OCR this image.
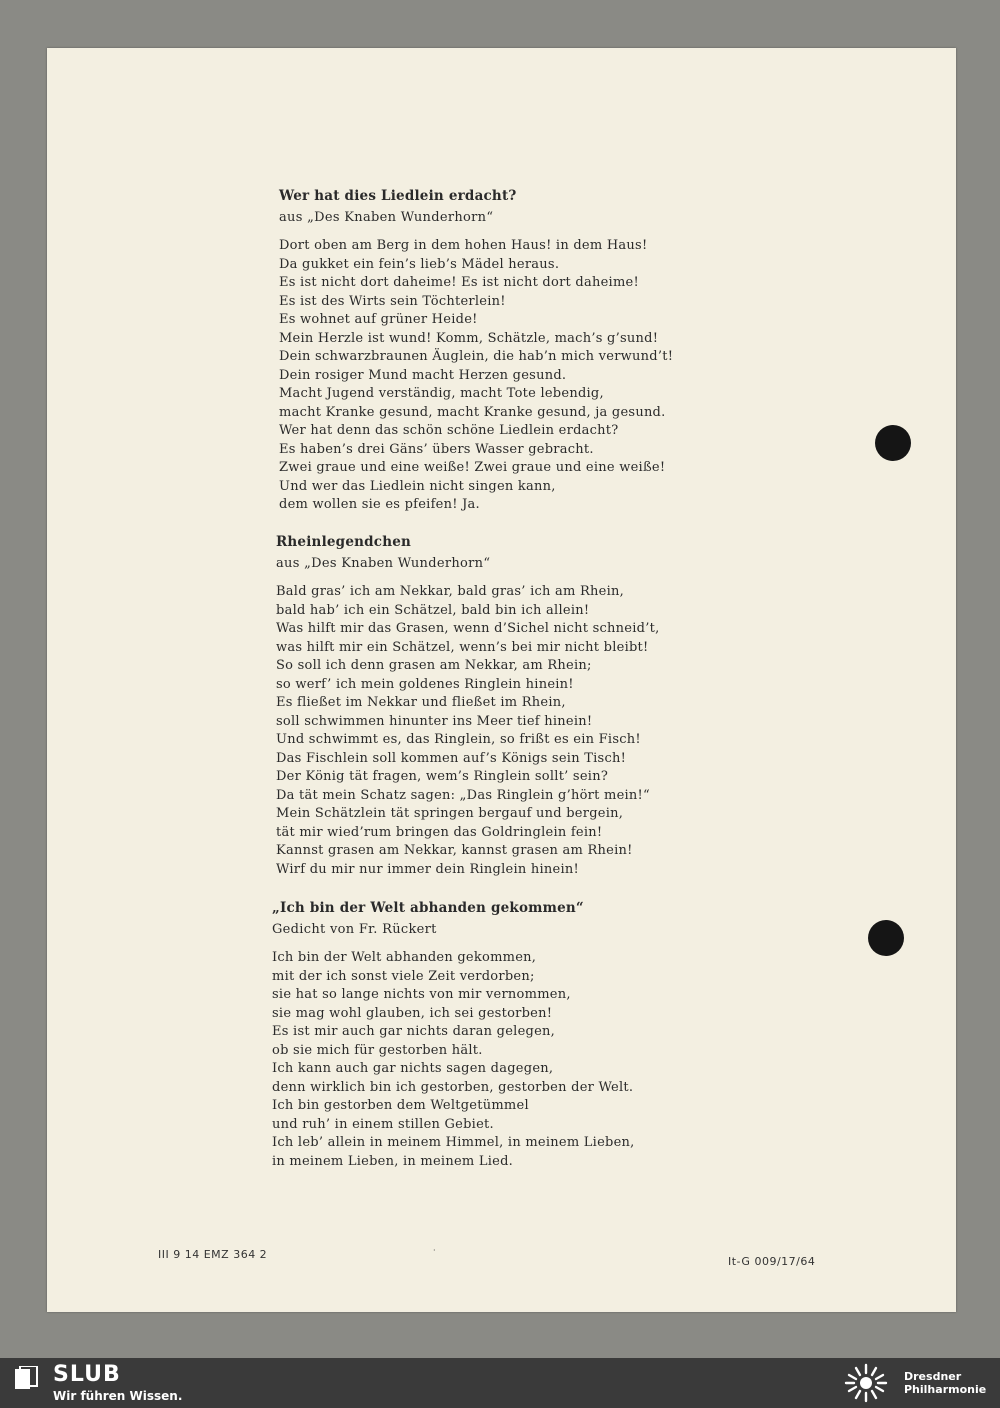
Wer hat dies Liedlein erdacht?
aus „Des Knaben Wunderhorn“
Dort oben am Berg in dem hohen Haus! in dem Haus!
Da gukket ein fein’s lieb’s Mädel heraus.
Es ist nicht dort daheime! Es ist nicht dort daheime!
Es ist des Wirts sein Töchterlein!
Es wohnet auf grüner Heide!
Mein Herzle ist wund! Komm, Schätzle, mach’s g’sund!
Dein schwarzbraunen Äuglein, die hab’n mich verwund’t!
Dein rosiger Mund macht Herzen gesund.
Macht Jugend verständig, macht Tote lebendig,
macht Kranke gesund, macht Kranke gesund, ja gesund.
Wer hat denn das schön schöne Liedlein erdacht?
Es haben’s drei Gäns’ übers Wasser gebracht.
Zwei graue und eine weiße! Zwei graue und eine weiße!
Und wer das Liedlein nicht singen kann,
dem wollen sie es pfeifen! Ja.
Rheinlegendchen
aus „Des Knaben Wunderhorn“
Bald gras’ ich am Nekkar, bald gras’ ich am Rhein,
bald hab’ ich ein Schätzel, bald bin ich allein!
Was hilft mir das Grasen, wenn d’Sichel nicht schneid’t,
was hilft mir ein Schätzel, wenn’s bei mir nicht bleibt!
So soll ich denn grasen am Nekkar, am Rhein;
so werf’ ich mein goldenes Ringlein hinein!
Es fließet im Nekkar und fließet im Rhein,
soll schwimmen hinunter ins Meer tief hinein!
Und schwimmt es, das Ringlein, so frißt es ein Fisch!
Das Fischlein soll kommen auf’s Königs sein Tisch!
Der König tät fragen, wem’s Ringlein sollt’ sein?
Da tät mein Schatz sagen: „Das Ringlein g’hört mein!“
Mein Schätzlein tät springen bergauf und bergein,
tät mir wied’rum bringen das Goldringlein fein!
Kannst grasen am Nekkar, kannst grasen am Rhein!
Wirf du mir nur immer dein Ringlein hinein!
„Ich bin der Welt abhanden gekommen“
Gedicht von Fr. Rückert
Ich bin der Welt abhanden gekommen,
mit der ich sonst viele Zeit verdorben;
sie hat so lange nichts von mir vernommen,
sie mag wohl glauben, ich sei gestorben!
Es ist mir auch gar nichts daran gelegen,
ob sie mich für gestorben hält.
Ich kann auch gar nichts sagen dagegen,
denn wirklich bin ich gestorben, gestorben der Welt.
Ich bin gestorben dem Weltgetümmel
und ruh’ in einem stillen Gebiet.
Ich leb’ allein in meinem Himmel, in meinem Lieben,
in meinem Lieben, in meinem Lied.
III 9 14 EMZ 364 2	·
It-G 009/17/64
SLUB
Wir führen Wissen.
Dresdner
Philharmonie
